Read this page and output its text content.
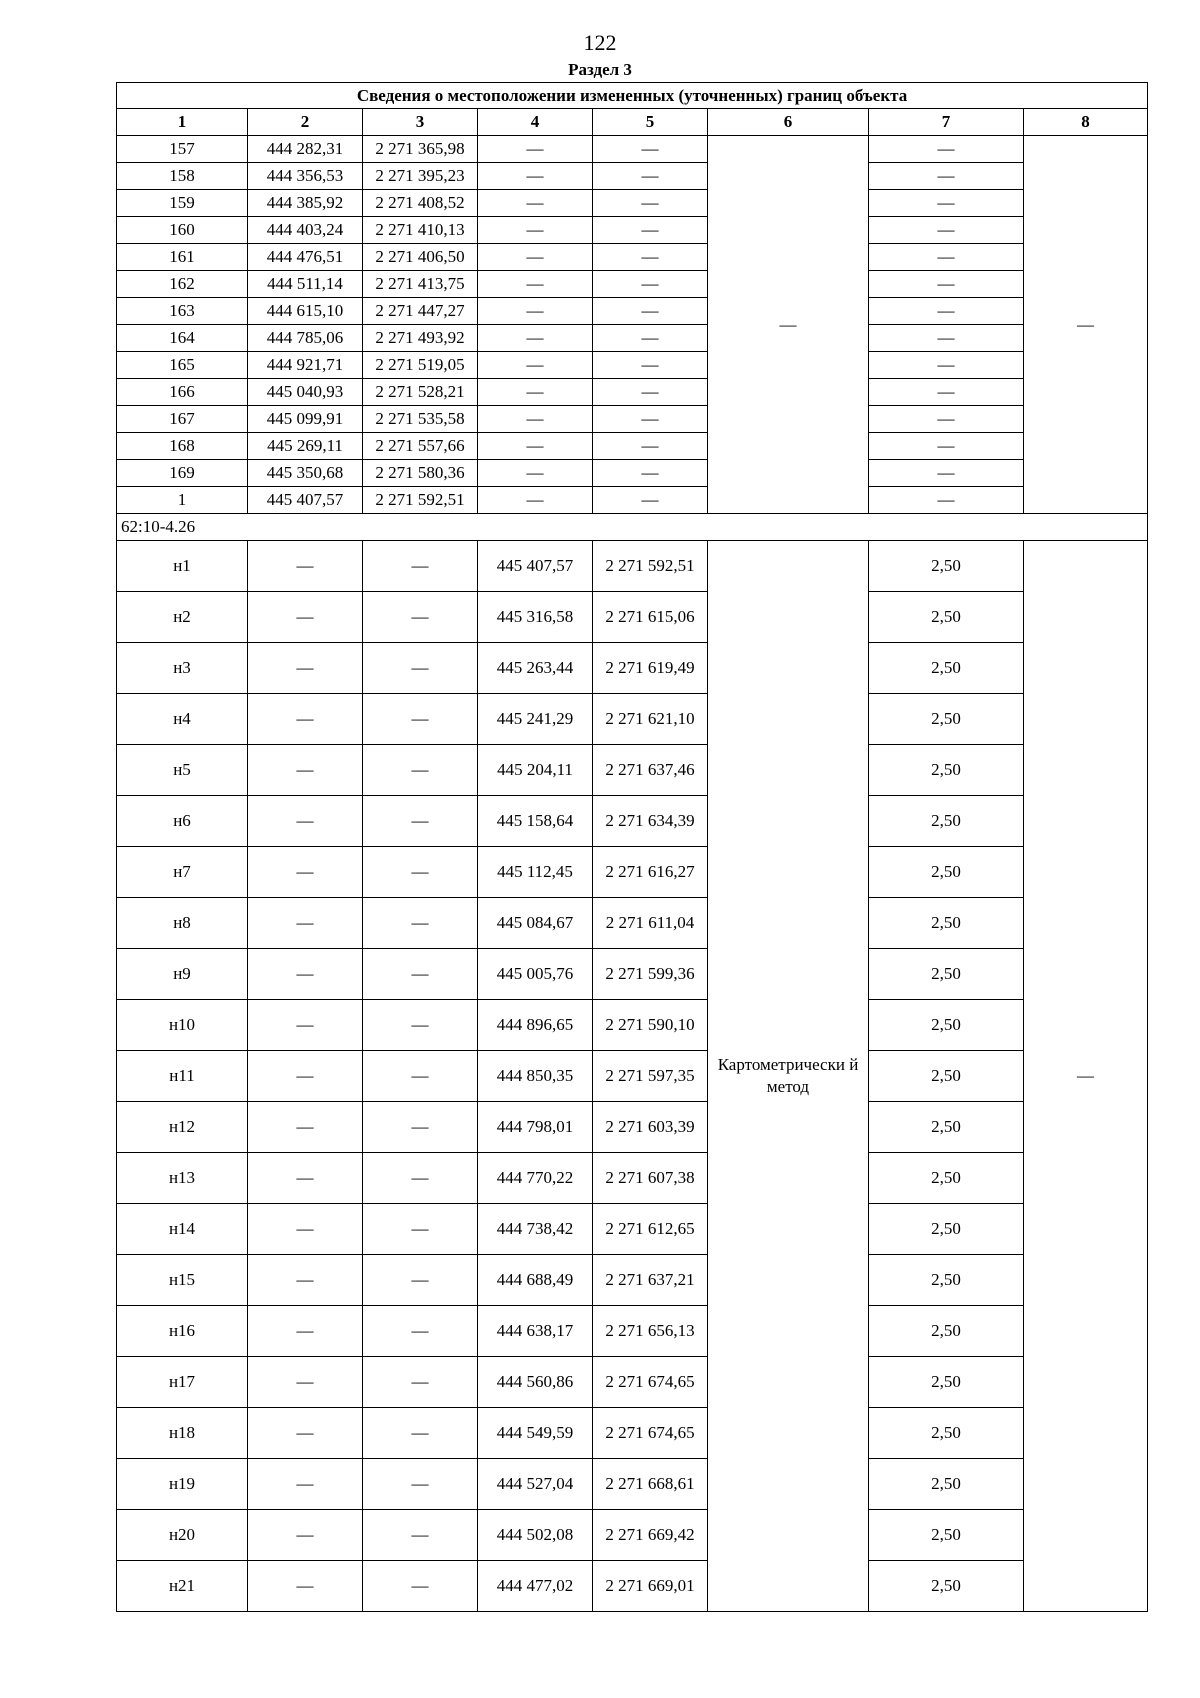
122
Раздел 3
Сведения о местоположении измененных (уточненных) границ объекта							
1	2	3	4	5	6	7	8
157	444 282,31	2 271 365,98	—	—	—	—	—
158	444 356,53	2 271 395,23	—	—		—	
159	444 385,92	2 271 408,52	—	—		—	
160	444 403,24	2 271 410,13	—	—		—	
161	444 476,51	2 271 406,50	—	—		—	
162	444 511,14	2 271 413,75	—	—		—	
163	444 615,10	2 271 447,27	—	—		—	
164	444 785,06	2 271 493,92	—	—		—	
165	444 921,71	2 271 519,05	—	—		—	
166	445 040,93	2 271 528,21	—	—		—	
167	445 099,91	2 271 535,58	—	—		—	
168	445 269,11	2 271 557,66	—	—		—	
169	445 350,68	2 271 580,36	—	—		—	
1	445 407,57	2 271 592,51	—	—		—	
62:10-4.26							
н1	—	—	445 407,57	2 271 592,51	Картометрически й метод	2,50	—
н2	—	—	445 316,58	2 271 615,06		2,50	
н3	—	—	445 263,44	2 271 619,49		2,50	
н4	—	—	445 241,29	2 271 621,10		2,50	
н5	—	—	445 204,11	2 271 637,46		2,50	
н6	—	—	445 158,64	2 271 634,39		2,50	
н7	—	—	445 112,45	2 271 616,27		2,50	
н8	—	—	445 084,67	2 271 611,04		2,50	
н9	—	—	445 005,76	2 271 599,36		2,50	
н10	—	—	444 896,65	2 271 590,10		2,50	
н11	—	—	444 850,35	2 271 597,35		2,50	
н12	—	—	444 798,01	2 271 603,39		2,50	
н13	—	—	444 770,22	2 271 607,38		2,50	
н14	—	—	444 738,42	2 271 612,65		2,50	
н15	—	—	444 688,49	2 271 637,21		2,50	
н16	—	—	444 638,17	2 271 656,13		2,50	
н17	—	—	444 560,86	2 271 674,65		2,50	
н18	—	—	444 549,59	2 271 674,65		2,50	
н19	—	—	444 527,04	2 271 668,61		2,50	
н20	—	—	444 502,08	2 271 669,42		2,50	
н21	—	—	444 477,02	2 271 669,01		2,50	
